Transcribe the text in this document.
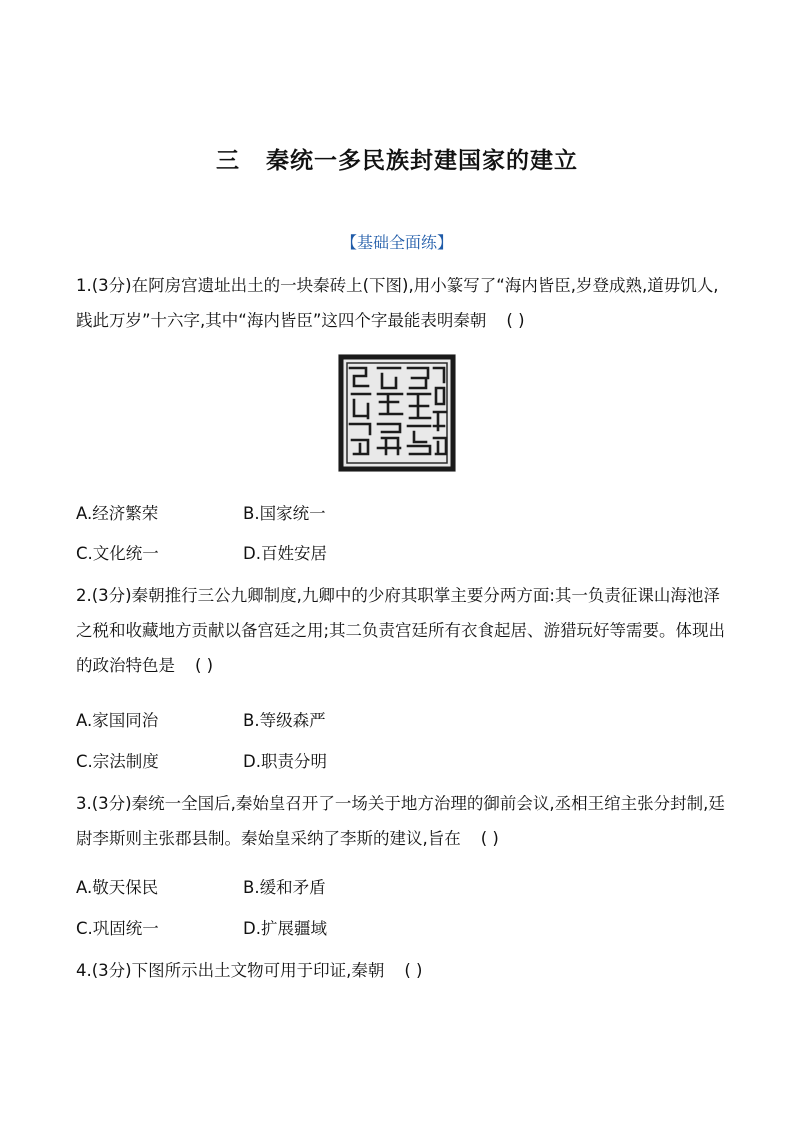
三 秦统一多民族封建国家的建立
【基础全面练】
1.(3分)在阿房宫遗址出土的一块秦砖上(下图),用小篆写了“海内皆臣,岁登成熟,道毋饥人,践此万岁”十六字,其中“海内皆臣”这四个字最能表明秦朝 ( )
A.经济繁荣	B.国家统一
C.文化统一	D.百姓安居
2.(3分)秦朝推行三公九卿制度,九卿中的少府其职掌主要分两方面:其一负责征课山海池泽之税和收藏地方贡献以备宫廷之用;其二负责宫廷所有衣食起居、游猎玩好等需要。体现出的政治特色是 ( )
A.家国同治	B.等级森严
C.宗法制度	D.职责分明
3.(3分)秦统一全国后,秦始皇召开了一场关于地方治理的御前会议,丞相王绾主张分封制,廷尉李斯则主张郡县制。秦始皇采纳了李斯的建议,旨在 ( )
A.敬天保民	B.缓和矛盾
C.巩固统一	D.扩展疆域
4.(3分)下图所示出土文物可用于印证,秦朝 ( )
